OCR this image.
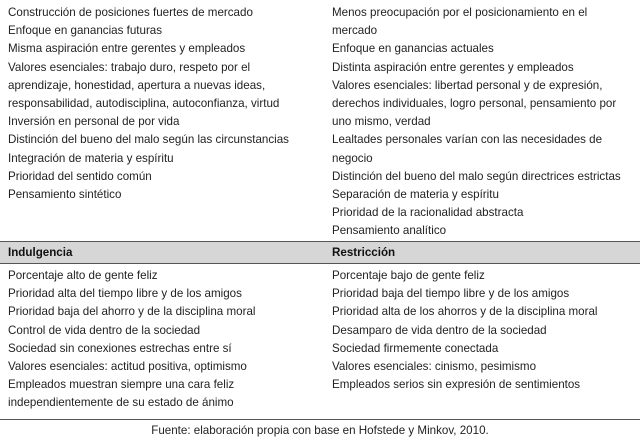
Construcción de posiciones fuertes de mercado
Enfoque en ganancias futuras
Misma aspiración entre gerentes y empleados
Valores esenciales: trabajo duro, respeto por el
aprendizaje, honestidad, apertura a nuevas ideas,
responsabilidad, autodisciplina, autoconfianza, virtud
Inversión en personal de por vida
Distinción del bueno del malo según las circunstancias
Integración de materia y espíritu
Prioridad del sentido común
Pensamiento sintético
Menos preocupación por el posicionamiento en el
mercado
Enfoque en ganancias actuales
Distinta aspiración entre gerentes y empleados
Valores esenciales: libertad personal y de expresión,
derechos individuales, logro personal, pensamiento por
uno mismo, verdad
Lealtades personales varían con las necesidades de
negocio
Distinción del bueno del malo según directrices estrictas
Separación de materia y espíritu
Prioridad de la racionalidad abstracta
Pensamiento analítico
Indulgencia	Restricción
Porcentaje alto de gente feliz
Prioridad alta del tiempo libre y de los amigos
Prioridad baja del ahorro y de la disciplina moral
Control de vida dentro de la sociedad
Sociedad sin conexiones estrechas entre sí
Valores esenciales: actitud positiva, optimismo
Empleados muestran siempre una cara feliz
independientemente de su estado de ánimo
Porcentaje bajo de gente feliz
Prioridad baja del tiempo libre y de los amigos
Prioridad alta de los ahorros y de la disciplina moral
Desamparo de vida dentro de la sociedad
Sociedad firmemente conectada
Valores esenciales: cinismo, pesimismo
Empleados serios sin expresión de sentimientos
Fuente: elaboración propia con base en Hofstede y Minkov, 2010.
